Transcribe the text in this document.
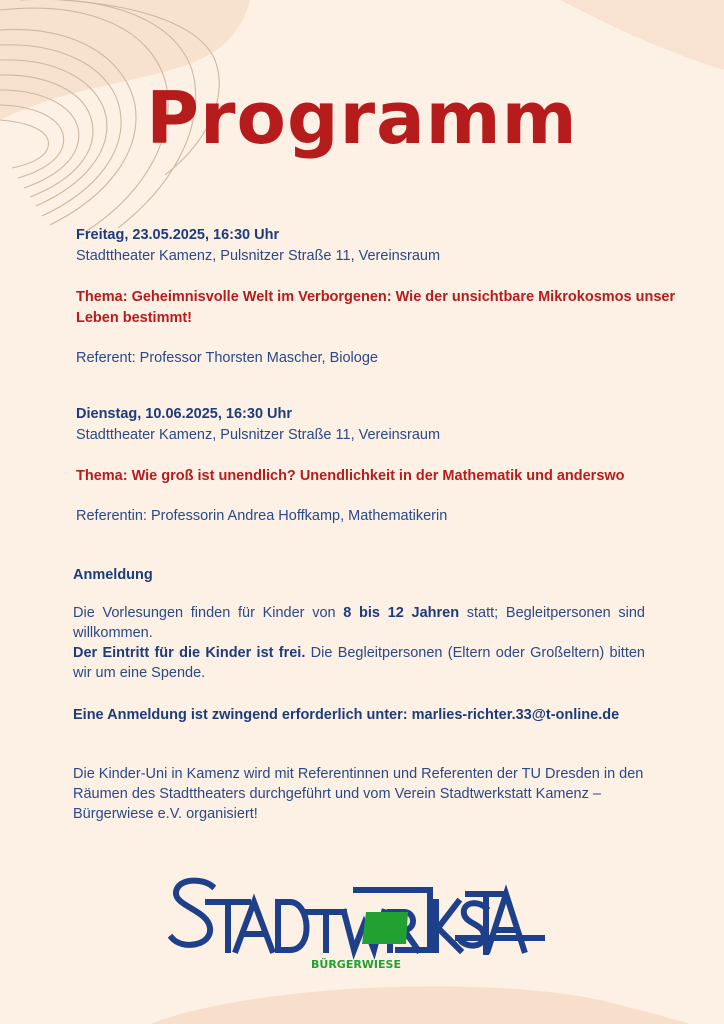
Programm
Freitag, 23.05.2025, 16:30 Uhr
Stadttheater Kamenz, Pulsnitzer Straße 11, Vereinsraum
Thema: Geheimnisvolle Welt im Verborgenen: Wie der unsichtbare Mikrokosmos unser Leben bestimmt!
Referent: Professor Thorsten Mascher, Biologe
Dienstag, 10.06.2025, 16:30 Uhr
Stadttheater Kamenz, Pulsnitzer Straße 11, Vereinsraum
Thema: Wie groß ist unendlich? Unendlichkeit in der Mathematik und anderswo
Referentin: Professorin Andrea Hoffkamp, Mathematikerin
Anmeldung
Die Vorlesungen finden für Kinder von 8 bis 12 Jahren statt; Begleitpersonen sind willkommen.
Der Eintritt für die Kinder ist frei. Die Begleitpersonen (Eltern oder Großeltern) bitten wir um eine Spende.
Eine Anmeldung ist zwingend erforderlich unter: marlies-richter.33@t-online.de
Die Kinder-Uni in Kamenz wird mit Referentinnen und Referenten der TU Dresden in den Räumen des Stadttheaters durchgeführt und vom Verein Stadtwerkstatt Kamenz – Bürgerwiese e.V. organisiert!
BÜRGERWIESE
